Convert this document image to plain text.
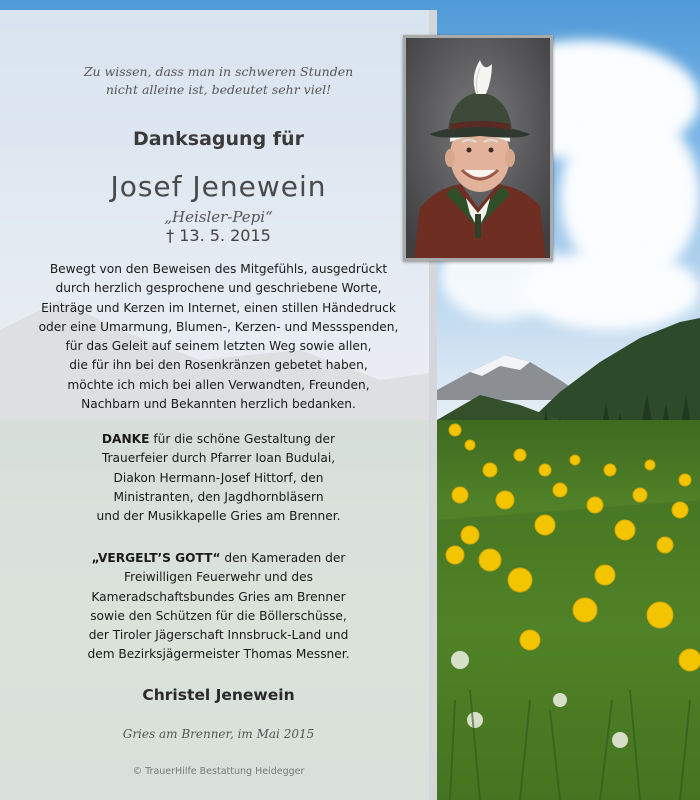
Zu wissen, dass man in schweren Stunden
nicht alleine ist, bedeutet sehr viel!
Danksagung für
Josef Jenewein
„Heisler-Pepi“
† 13. 5. 2015
Bewegt von den Beweisen des Mitgefühls, ausgedrückt
durch herzlich gesprochene und geschriebene Worte,
Einträge und Kerzen im Internet, einen stillen Händedruck
oder eine Umarmung, Blumen-, Kerzen- und Messspenden,
für das Geleit auf seinem letzten Weg sowie allen,
die für ihn bei den Rosenkränzen gebetet haben,
möchte ich mich bei allen Verwandten, Freunden,
Nachbarn und Bekannten herzlich bedanken.
DANKE für die schöne Gestaltung der
Trauerfeier durch Pfarrer Ioan Budulai,
Diakon Hermann-Josef Hittorf, den
Ministranten, den Jagdhornbläsern
und der Musikkapelle Gries am Brenner.
„VERGELT’S GOTT“ den Kameraden der
Freiwilligen Feuerwehr und des
Kameradschaftsbundes Gries am Brenner
sowie den Schützen für die Böllerschüsse,
der Tiroler Jägerschaft Innsbruck-Land und
dem Bezirksjägermeister Thomas Messner.
Christel Jenewein
Gries am Brenner, im Mai 2015
© TrauerHilfe Bestattung Heidegger
